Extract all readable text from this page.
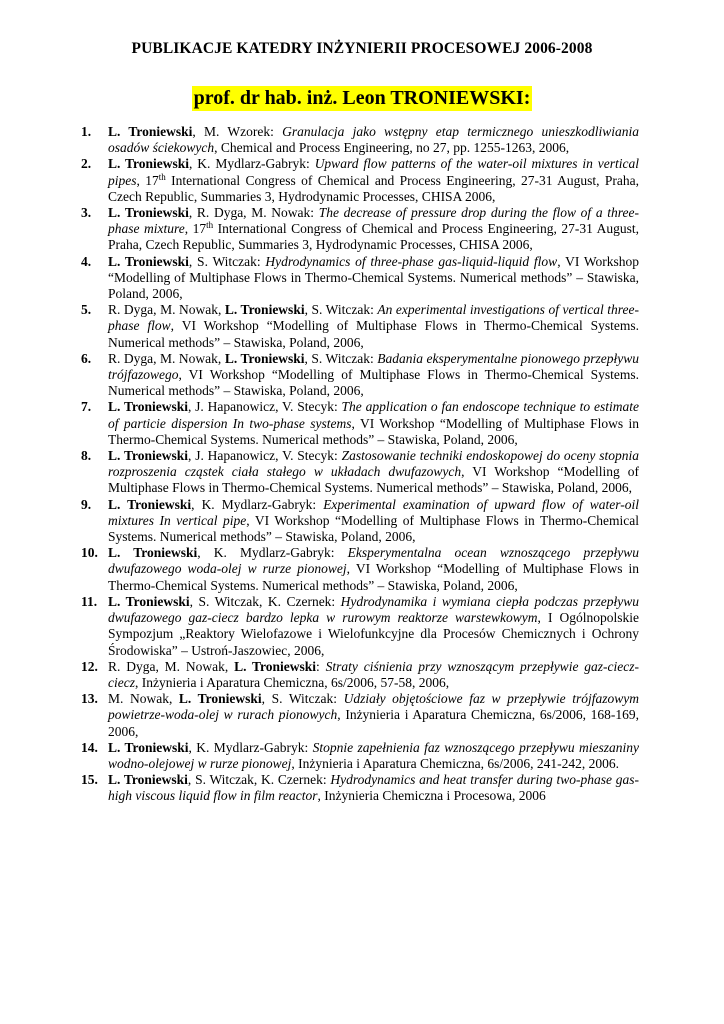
PUBLIKACJE KATEDRY INŻYNIERII PROCESOWEJ 2006-2008
prof. dr hab. inż. Leon TRONIEWSKI:
1.	L. Troniewski, M. Wzorek: Granulacja jako wstępny etap termicznego unieszkodliwiania osadów ściekowych, Chemical and Process Engineering, no 27, pp. 1255-1263, 2006,
2.	L. Troniewski, K. Mydlarz-Gabryk: Upward flow patterns of the water-oil mixtures in vertical pipes, 17th International Congress of Chemical and Process Engineering, 27-31 August, Praha, Czech Republic, Summaries 3, Hydrodynamic Processes, CHISA 2006,
3.	L. Troniewski, R. Dyga, M. Nowak: The decrease of pressure drop during the flow of a three-phase mixture, 17th International Congress of Chemical and Process Engineering, 27-31 August, Praha, Czech Republic, Summaries 3, Hydrodynamic Processes, CHISA 2006,
4.	L. Troniewski, S. Witczak: Hydrodynamics of three-phase gas-liquid-liquid flow, VI Workshop “Modelling of Multiphase Flows in Thermo-Chemical Systems. Numerical methods” – Stawiska, Poland, 2006,
5.	R. Dyga, M. Nowak, L. Troniewski, S. Witczak: An experimental investigations of vertical three-phase flow, VI Workshop “Modelling of Multiphase Flows in Thermo-Chemical Systems. Numerical methods” – Stawiska, Poland, 2006,
6.	R. Dyga, M. Nowak, L. Troniewski, S. Witczak: Badania eksperymentalne pionowego przepływu trójfazowego, VI Workshop “Modelling of Multiphase Flows in Thermo-Chemical Systems. Numerical methods” – Stawiska, Poland, 2006,
7.	L. Troniewski, J. Hapanowicz, V. Stecyk: The application o fan endoscope technique to estimate of particie dispersion In two-phase systems, VI Workshop “Modelling of Multiphase Flows in Thermo-Chemical Systems. Numerical methods” – Stawiska, Poland, 2006,
8.	L. Troniewski, J. Hapanowicz, V. Stecyk: Zastosowanie techniki endoskopowej do oceny stopnia rozproszenia cząstek ciała stałego w układach dwufazowych, VI Workshop “Modelling of Multiphase Flows in Thermo-Chemical Systems. Numerical methods” – Stawiska, Poland, 2006,
9.	L. Troniewski, K. Mydlarz-Gabryk: Experimental examination of upward flow of water-oil mixtures In vertical pipe, VI Workshop “Modelling of Multiphase Flows in Thermo-Chemical Systems. Numerical methods” – Stawiska, Poland, 2006,
10. L. Troniewski, K. Mydlarz-Gabryk: Eksperymentalna ocean wznoszącego przepływu dwufazowego woda-olej w rurze pionowej, VI Workshop “Modelling of Multiphase Flows in Thermo-Chemical Systems. Numerical methods” – Stawiska, Poland, 2006,
11. L. Troniewski, S. Witczak, K. Czernek: Hydrodynamika i wymiana ciepła podczas przepływu dwufazowego gaz-ciecz bardzo lepka w rurowym reaktorze warstewkowym, I Ogólnopolskie Sympozjum „Reaktory Wielofazowe i Wielofunkcyjne dla Procesów Chemicznych i Ochrony Środowiska” – Ustroń-Jaszowiec, 2006,
12. R. Dyga, M. Nowak, L. Troniewski: Straty ciśnienia przy wznoszącym przepływie gaz-ciecz-ciecz, Inżynieria i Aparatura Chemiczna, 6s/2006, 57-58, 2006,
13. M. Nowak, L. Troniewski, S. Witczak: Udziały objętościowe faz w przepływie trójfazowym powietrze-woda-olej w rurach pionowych, Inżynieria i Aparatura Chemiczna, 6s/2006, 168-169, 2006,
14. L. Troniewski, K. Mydlarz-Gabryk: Stopnie zapełnienia faz wznoszącego przepływu mieszaniny wodno-olejowej w rurze pionowej, Inżynieria i Aparatura Chemiczna, 6s/2006, 241-242, 2006.
15. L. Troniewski, S. Witczak, K. Czernek: Hydrodynamics and heat transfer during two-phase gas-high viscous liquid flow in film reactor, Inżynieria Chemiczna i Procesowa, 2006
